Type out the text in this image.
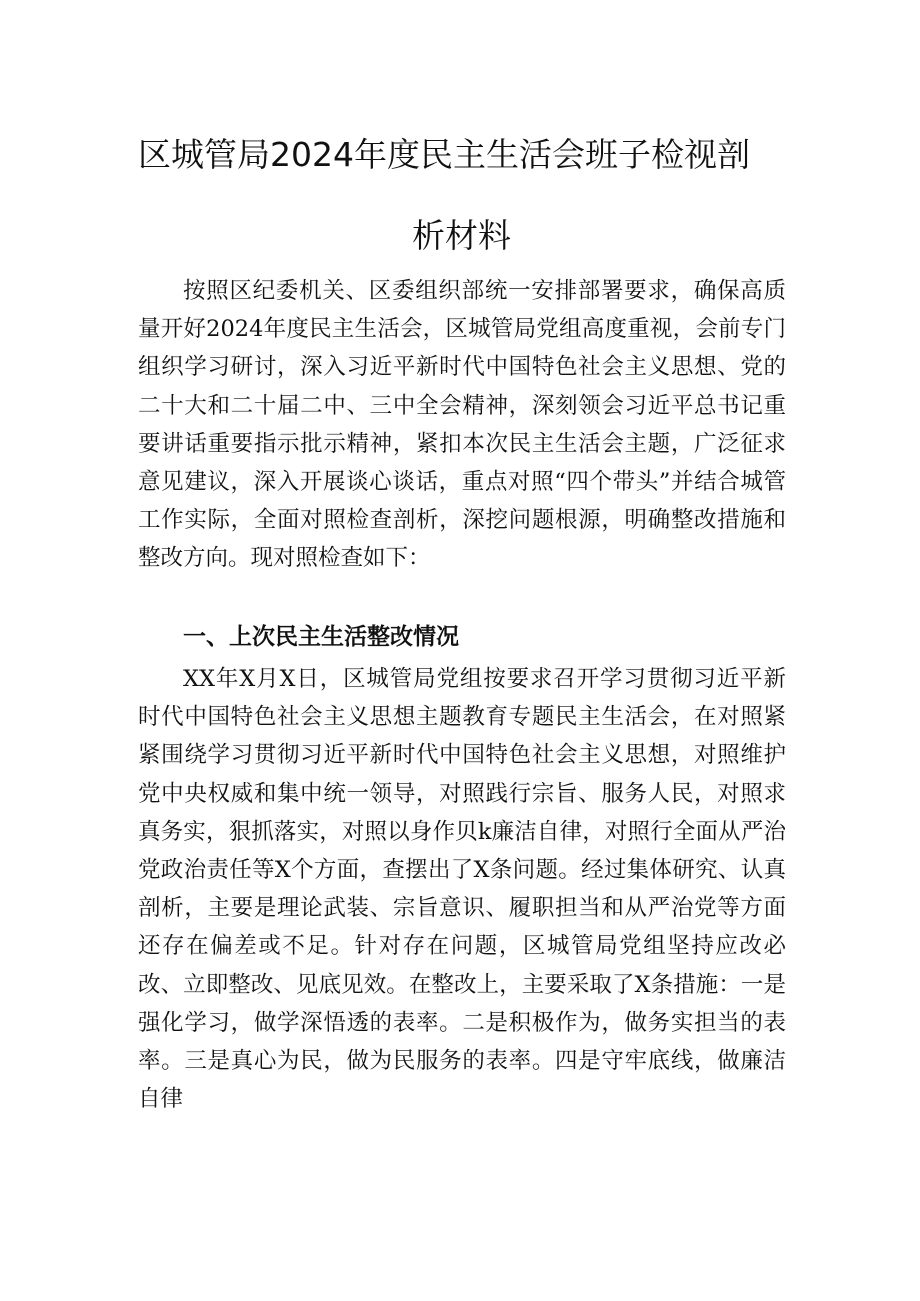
区城管局2024年度民主生活会班子检视剖
析材料

按照区纪委机关、区委组织部统一安排部署要求，确保高质量开好2024年度民主生活会，区城管局党组高度重视，会前专门组织学习研讨，深入习近平新时代中国特色社会主义思想、党的二十大和二十届二中、三中全会精神，深刻领会习近平总书记重要讲话重要指示批示精神，紧扣本次民主生活会主题，广泛征求意见建议，深入开展谈心谈话，重点对照“四个带头”并结合城管工作实际，全面对照检查剖析，深挖问题根源，明确整改措施和整改方向。现对照检查如下：

一、上次民主生活整改情况

XX年X月X日，区城管局党组按要求召开学习贯彻习近平新时代中国特色社会主义思想主题教育专题民主生活会，在对照紧紧围绕学习贯彻习近平新时代中国特色社会主义思想，对照维护党中央权威和集中统一领导，对照践行宗旨、服务人民，对照求真务实，狠抓落实，对照以身作贝k廉洁自律，对照行全面从严治党政治责任等X个方面，查摆出了X条问题。经过集体研究、认真剖析，主要是理论武装、宗旨意识、履职担当和从严治党等方面还存在偏差或不足。针对存在问题，区城管局党组坚持应改必改、立即整改、见底见效。在整改上，主要采取了X条措施：一是强化学习，做学深悟透的表率。二是积极作为，做务实担当的表率。三是真心为民，做为民服务的表率。四是守牢底线，做廉洁自律
